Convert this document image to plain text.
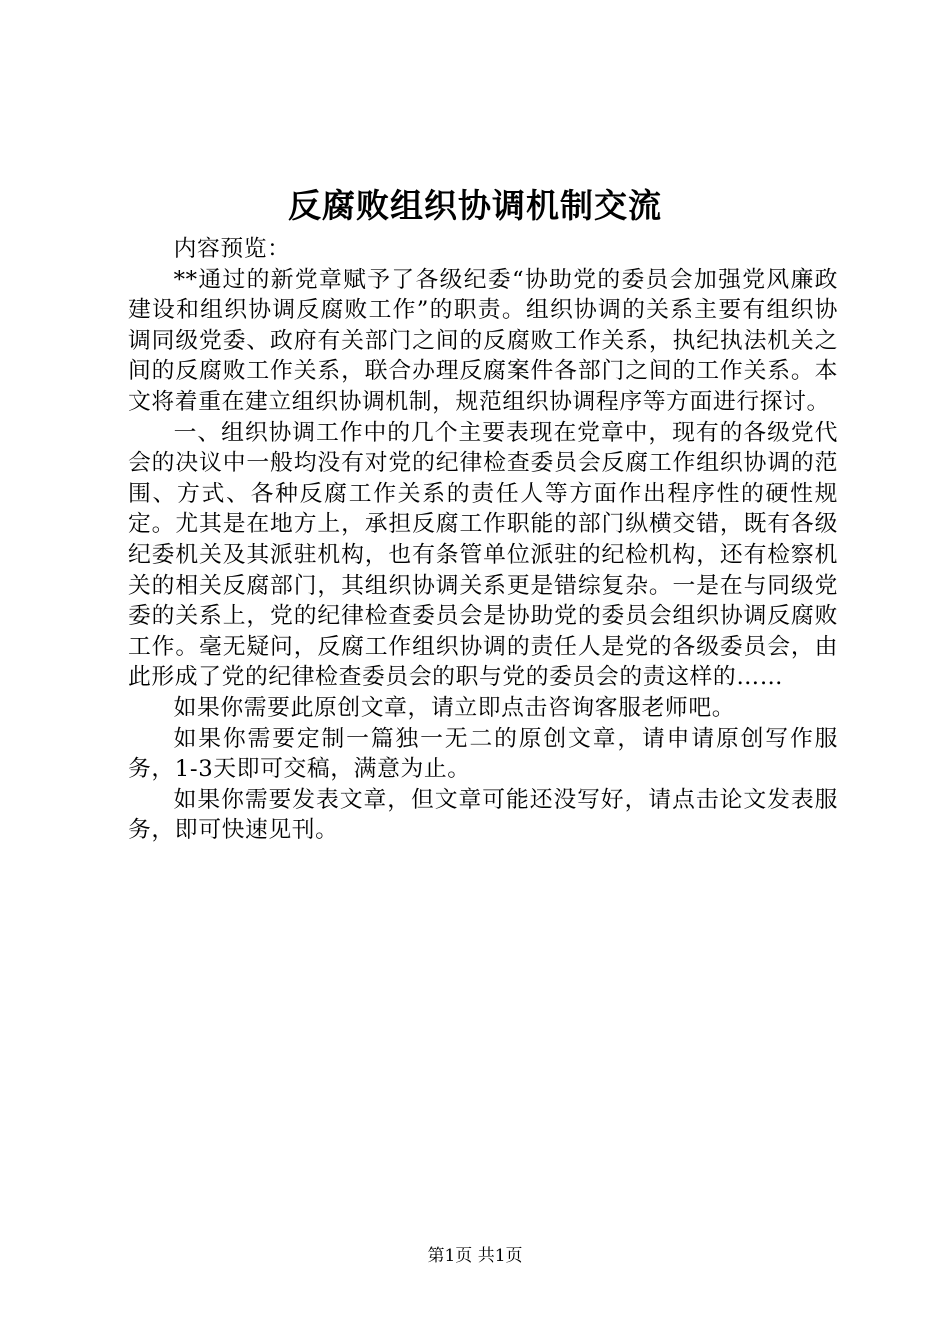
反腐败组织协调机制交流

内容预览：

**通过的新党章赋予了各级纪委“协助党的委员会加强党风廉政建设和组织协调反腐败工作”的职责。组织协调的关系主要有组织协调同级党委、政府有关部门之间的反腐败工作关系，执纪执法机关之间的反腐败工作关系，联合办理反腐案件各部门之间的工作关系。本文将着重在建立组织协调机制，规范组织协调程序等方面进行探讨。

一、组织协调工作中的几个主要表现在党章中，现有的各级党代会的决议中一般均没有对党的纪律检查委员会反腐工作组织协调的范围、方式、各种反腐工作关系的责任人等方面作出程序性的硬性规定。尤其是在地方上，承担反腐工作职能的部门纵横交错，既有各级纪委机关及其派驻机构，也有条管单位派驻的纪检机构，还有检察机关的相关反腐部门，其组织协调关系更是错综复杂。一是在与同级党委的关系上，党的纪律检查委员会是协助党的委员会组织协调反腐败工作。毫无疑问，反腐工作组织协调的责任人是党的各级委员会，由此形成了党的纪律检查委员会的职与党的委员会的责这样的……

如果你需要此原创文章，请立即点击咨询客服老师吧。

如果你需要定制一篇独一无二的原创文章，请申请原创写作服务，1-3天即可交稿，满意为止。

如果你需要发表文章，但文章可能还没写好，请点击论文发表服务，即可快速见刊。

第1页 共1页
